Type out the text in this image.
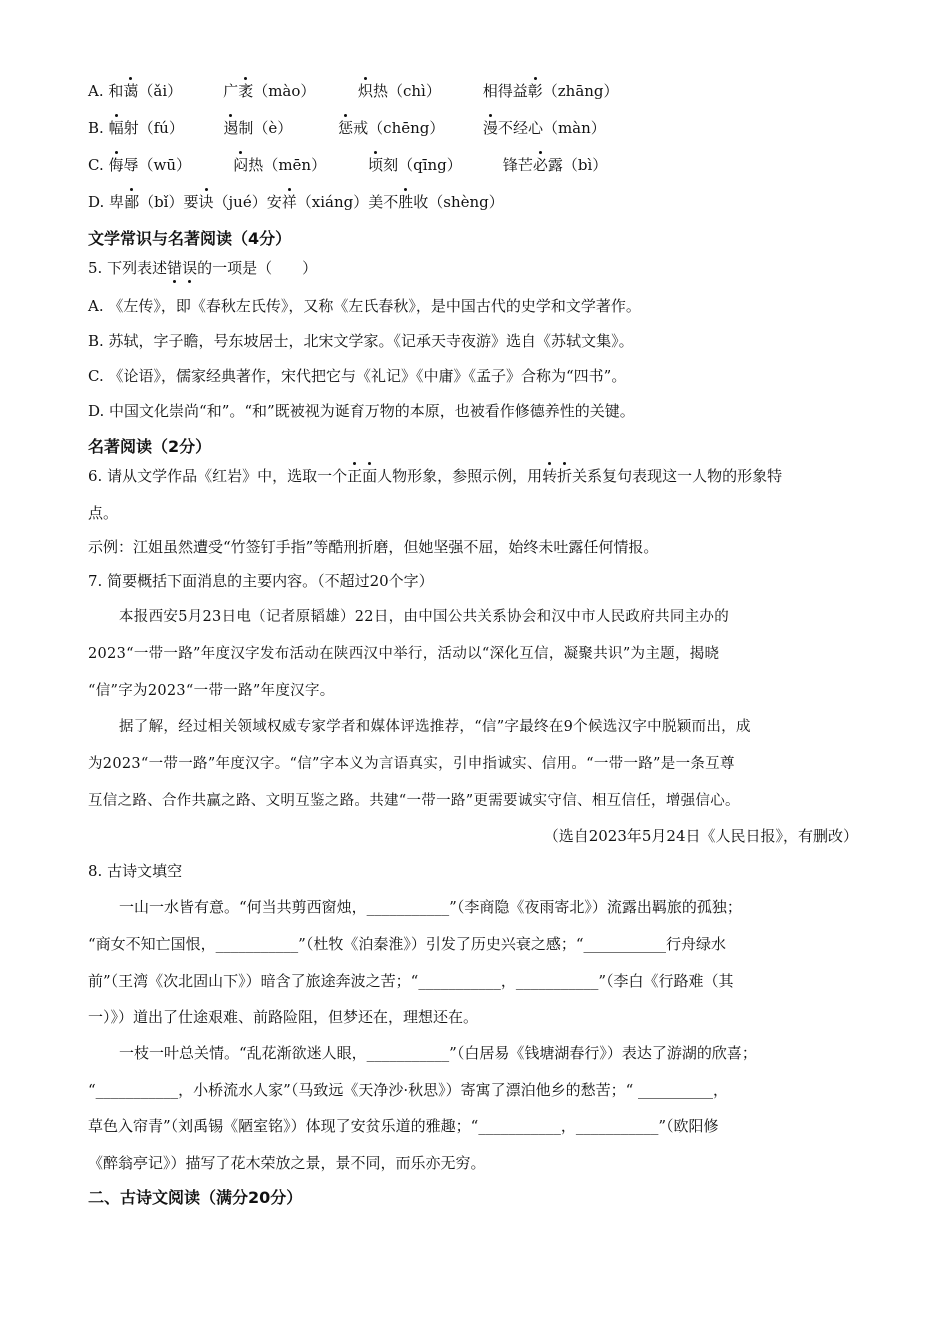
A. 和蔼（ǎi）	广袤（mào）	炽热（chì）	相得益彰（zhāng）
B. 幅射（fú）	遏制（è）	惩戒（chēng）	漫不经心（màn）
C. 侮辱（wū）	闷热（mēn）	顷刻（qīng）	锋芒必露（bì）
D. 卑鄙（bǐ）要诀（jué）安祥（xiáng）美不胜收（shèng）
文学常识与名著阅读（4分）
5. 下列表述错误的一项是（　　）
A. 《左传》，即《春秋左氏传》，又称《左氏春秋》，是中国古代的史学和文学著作。
B. 苏轼，字子瞻，号东坡居士，北宋文学家。《记承天寺夜游》选自《苏轼文集》。
C. 《论语》，儒家经典著作，宋代把它与《礼记》《中庸》《孟子》合称为“四书”。
D. 中国文化崇尚“和”。“和”既被视为诞育万物的本原，也被看作修德养性的关键。
名著阅读（2分）
6. 请从文学作品《红岩》中，选取一个正面人物形象，参照示例，用转折关系复句表现这一人物的形象特
点。
示例：江姐虽然遭受“竹签钉手指”等酷刑折磨，但她坚强不屈，始终未吐露任何情报。
7. 简要概括下面消息的主要内容。（不超过20个字）
本报西安5月23日电（记者原韬雄）22日，由中国公共关系协会和汉中市人民政府共同主办的
2023“一带一路”年度汉字发布活动在陕西汉中举行，活动以“深化互信，凝聚共识”为主题，揭晓
“信”字为2023“一带一路”年度汉字。
据了解，经过相关领域权威专家学者和媒体评选推荐，“信”字最终在9个候选汉字中脱颖而出，成
为2023“一带一路”年度汉字。“信”字本义为言语真实，引申指诚实、信用。“一带一路”是一条互尊
互信之路、合作共赢之路、文明互鉴之路。共建“一带一路”更需要诚实守信、相互信任，增强信心。
（选自2023年5月24日《人民日报》，有删改）
8. 古诗文填空
一山一水皆有意。“何当共剪西窗烛，___________”（李商隐《夜雨寄北》）流露出羁旅的孤独；
“商女不知亡国恨，___________”（杜牧《泊秦淮》）引发了历史兴衰之感；“___________行舟绿水
前”（王湾《次北固山下》）暗含了旅途奔波之苦；“___________，___________”（李白《行路难（其
一）》）道出了仕途艰难、前路险阻，但梦还在，理想还在。
一枝一叶总关情。“乱花渐欲迷人眼，___________”（白居易《钱塘湖春行》）表达了游湖的欣喜；
“___________，小桥流水人家”（马致远《天净沙·秋思》）寄寓了漂泊他乡的愁苦；“ __________，
草色入帘青”（刘禹锡《陋室铭》）体现了安贫乐道的雅趣；“___________，___________”（欧阳修
《醉翁亭记》）描写了花木荣放之景，景不同，而乐亦无穷。
二、古诗文阅读（满分20分）
